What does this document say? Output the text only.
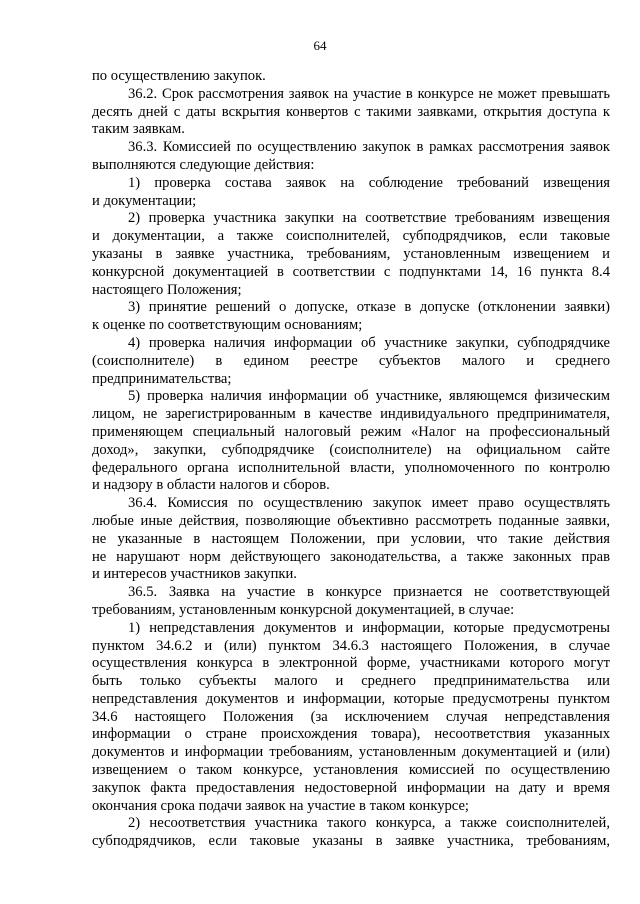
64
по осуществлению закупок.
36.2. Срок рассмотрения заявок на участие в конкурсе не может превышать
десять дней с даты вскрытия конвертов с такими заявками, открытия доступа к
таким заявкам.
36.3. Комиссией по осуществлению закупок в рамках рассмотрения заявок
выполняются следующие действия:
1) проверка состава заявок на соблюдение требований извещения
и документации;
2) проверка участника закупки на соответствие требованиям извещения
и документации, а также соисполнителей, субподрядчиков, если таковые
указаны в заявке участника, требованиям, установленным извещением и
конкурсной документацией в соответствии с подпунктами 14, 16 пункта 8.4
настоящего Положения;
3) принятие решений о допуске, отказе в допуске (отклонении заявки)
к оценке по соответствующим основаниям;
4) проверка наличия информации об участнике закупки, субподрядчике
(соисполнителе) в едином реестре субъектов малого и среднего
предпринимательства;
5) проверка наличия информации об участнике, являющемся физическим
лицом, не зарегистрированным в качестве индивидуального предпринимателя,
применяющем специальный налоговый режим «Налог на профессиональный
доход», закупки, субподрядчике (соисполнителе) на официальном сайте
федерального органа исполнительной власти, уполномоченного по контролю
и надзору в области налогов и сборов.
36.4. Комиссия по осуществлению закупок имеет право осуществлять
любые иные действия, позволяющие объективно рассмотреть поданные заявки,
не указанные в настоящем Положении, при условии, что такие действия
не нарушают норм действующего законодательства, а также законных прав
и интересов участников закупки.
36.5. Заявка на участие в конкурсе признается не соответствующей
требованиям, установленным конкурсной документацией, в случае:
1) непредставления документов и информации, которые предусмотрены
пунктом 34.6.2 и (или) пунктом 34.6.3 настоящего Положения, в случае
осуществления конкурса в электронной форме, участниками которого могут
быть только субъекты малого и среднего предпринимательства или
непредставления документов и информации, которые предусмотрены пунктом
34.6 настоящего Положения (за исключением случая непредставления
информации о стране происхождения товара), несоответствия указанных
документов и информации требованиям, установленным документацией и (или)
извещением о таком конкурсе, установления комиссией по осуществлению
закупок факта предоставления недостоверной информации на дату и время
окончания срока подачи заявок на участие в таком конкурсе;
2) несоответствия участника такого конкурса, а также соисполнителей,
субподрядчиков, если таковые указаны в заявке участника, требованиям,
